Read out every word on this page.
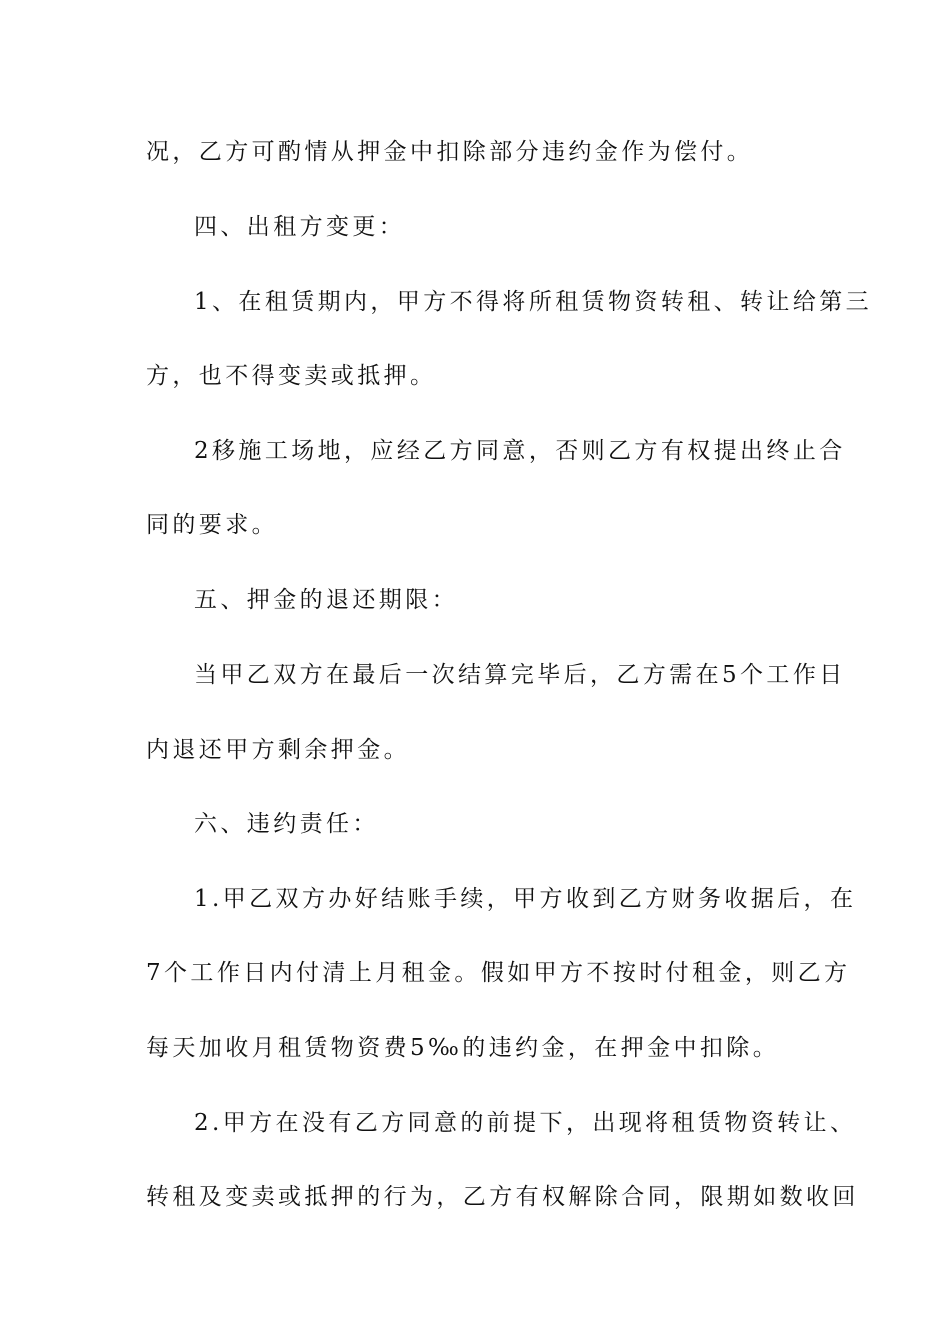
况，乙方可酌情从押金中扣除部分违约金作为偿付。
四、出租方变更：
1、在租赁期内，甲方不得将所租赁物资转租、转让给第三
方，也不得变卖或抵押。
2移施工场地，应经乙方同意，否则乙方有权提出终止合
同的要求。
五、押金的退还期限：
当甲乙双方在最后一次结算完毕后，乙方需在5个工作日
内退还甲方剩余押金。
六、违约责任：
1.甲乙双方办好结账手续，甲方收到乙方财务收据后，在
7个工作日内付清上月租金。假如甲方不按时付租金，则乙方
每天加收月租赁物资费5‰的违约金，在押金中扣除。
2.甲方在没有乙方同意的前提下，出现将租赁物资转让、
转租及变卖或抵押的行为，乙方有权解除合同，限期如数收回
